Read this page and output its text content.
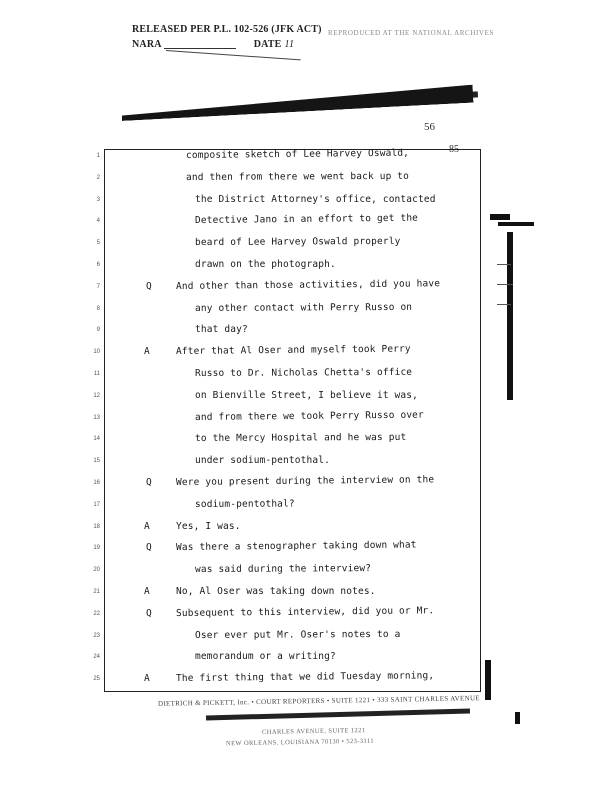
RELEASED PER P.L. 102-526 (JFK ACT)
NARA	DATE 11
REPRODUCED AT THE NATIONAL ARCHIVES
56
85
1	composite sketch of Lee Harvey Oswald,
2	and then from there we went back up to
3	the District Attorney's office, contacted
4	Detective Jano in an effort to get the
5	beard of Lee Harvey Oswald properly
6	drawn on the photograph.
7	Q	And other than those activities, did you have
8	any other contact with Perry Russo on
9	that day?
10	A	After that Al Oser and myself took Perry
11	Russo to Dr. Nicholas Chetta's office
12	on Bienville Street, I believe it was,
13	and from there we took Perry Russo over
14	to the Mercy Hospital and he was put
15	under sodium-pentothal.
16	Q	Were you present during the interview on the
17	sodium-pentothal?
18	A	Yes, I was.
19	Q	Was there a stenographer taking down what
20	was said during the interview?
21	A	No, Al Oser was taking down notes.
22	Q	Subsequent to this interview, did you or Mr.
23	Oser ever put Mr. Oser's notes to a
24	memorandum or a writing?
25	A	The first thing that we did Tuesday morning,
DIETRICH & PICKETT, Inc. • COURT REPORTERS • SUITE 1221 • 333 SAINT CHARLES AVENUE
CHARLES AVENUE, SUITE 1221
NEW ORLEANS, LOUISIANA 70130 • 523-3111
